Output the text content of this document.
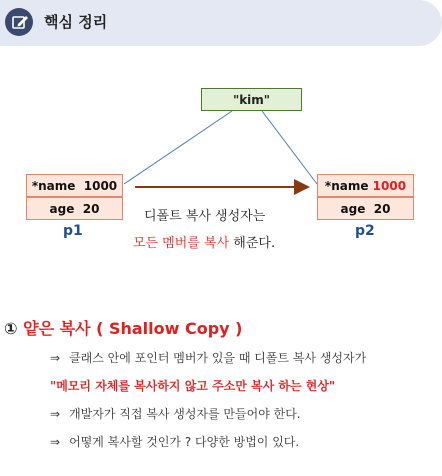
핵심 정리
"kim"
*name
1000
age  20
p1
*name
1000
age  20
p2
디폴트 복사 생성자는
모든 멤버를 복사 해준다.
① 얕은 복사 ( Shallow Copy )
⇒ 클래스 안에 포인터 멤버가 있을 때 디폴트 복사 생성자가
"메모리 자체를 복사하지 않고 주소만 복사 하는 현상"
⇒ 개발자가 직접 복사 생성자를 만들어야 한다.
⇒ 어떻게 복사할 것인가 ? 다양한 방법이 있다.
